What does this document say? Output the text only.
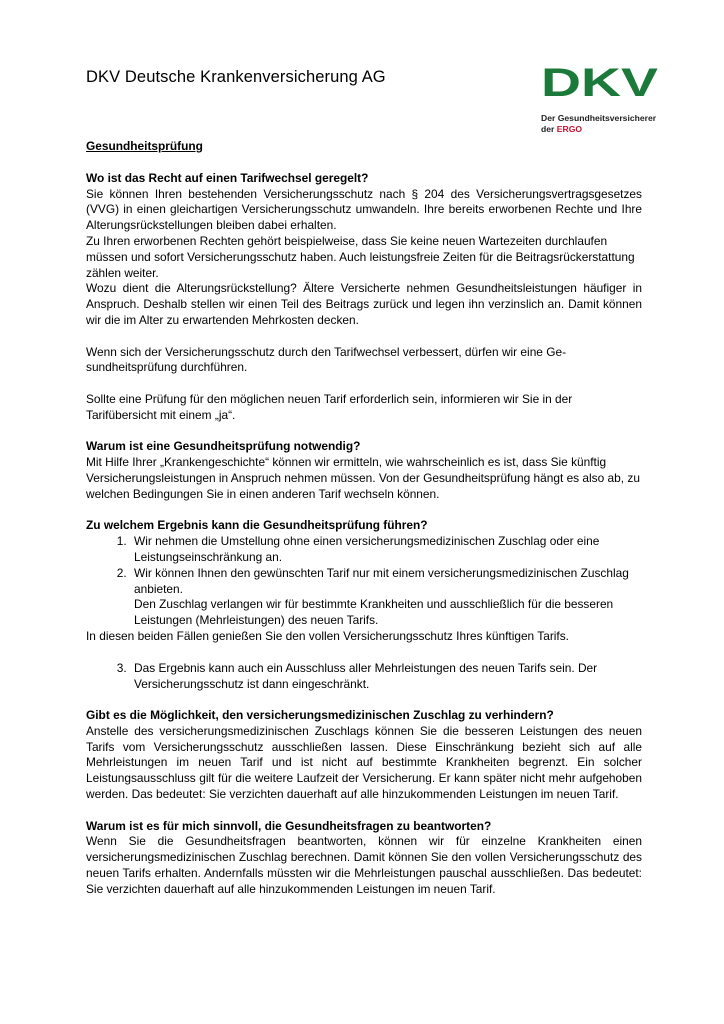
DKV Deutsche Krankenversicherung AG	DKV
Der Gesundheitsversicherer
der ERGO
Gesundheitsprüfung
Wo ist das Recht auf einen Tarifwechsel geregelt?

Sie können Ihren bestehenden Versicherungsschutz nach § 204 des Versicherungsvertragsgesetzes (VVG) in einen gleichartigen Versicherungsschutz umwandeln. Ihre bereits erworbenen Rechte und Ihre Alterungsrückstellungen bleiben dabei erhalten.

Zu Ihren erworbenen Rechten gehört beispielweise, dass Sie keine neuen Wartezeiten durchlaufen müssen und sofort Versicherungsschutz haben. Auch leistungsfreie Zeiten für die Beitragsrückerstattung zählen weiter.

Wozu dient die Alterungsrückstellung? Ältere Versicherte nehmen Gesundheitsleistungen häufiger in Anspruch. Deshalb stellen wir einen Teil des Beitrags zurück und legen ihn verzinslich an. Damit können wir die im Alter zu erwartenden Mehrkosten decken.

Wenn sich der Versicherungsschutz durch den Tarifwechsel verbessert, dürfen wir eine Gesundheitsprüfung durchführen.

Sollte eine Prüfung für den möglichen neuen Tarif erforderlich sein, informieren wir Sie in der Tarifübersicht mit einem „ja“.

Warum ist eine Gesundheitsprüfung notwendig?

Mit Hilfe Ihrer „Krankengeschichte“ können wir ermitteln, wie wahrscheinlich es ist, dass Sie künftig Versicherungsleistungen in Anspruch nehmen müssen. Von der Gesundheitsprüfung hängt es also ab, zu welchen Bedingungen Sie in einen anderen Tarif wechseln können.

Zu welchem Ergebnis kann die Gesundheitsprüfung führen?
1. Wir nehmen die Umstellung ohne einen versicherungsmedizinischen Zuschlag oder eine Leistungseinschränkung an.
2. Wir können Ihnen den gewünschten Tarif nur mit einem versicherungsmedizinischen Zuschlag anbieten.
Den Zuschlag verlangen wir für bestimmte Krankheiten und ausschließlich für die besseren Leistungen (Mehrleistungen) des neuen Tarifs.

In diesen beiden Fällen genießen Sie den vollen Versicherungsschutz Ihres künftigen Tarifs.

3. Das Ergebnis kann auch ein Ausschluss aller Mehrleistungen des neuen Tarifs sein. Der Versicherungsschutz ist dann eingeschränkt.
Gibt es die Möglichkeit, den versicherungsmedizinischen Zuschlag zu verhindern?

Anstelle des versicherungsmedizinischen Zuschlags können Sie die besseren Leistungen des neuen Tarifs vom Versicherungsschutz ausschließen lassen. Diese Einschränkung bezieht sich auf alle Mehrleistungen im neuen Tarif und ist nicht auf bestimmte Krankheiten begrenzt. Ein solcher Leistungsausschluss gilt für die weitere Laufzeit der Versicherung. Er kann später nicht mehr aufgehoben werden. Das bedeutet: Sie verzichten dauerhaft auf alle hinzukommenden Leistungen im neuen Tarif.

Warum ist es für mich sinnvoll, die Gesundheitsfragen zu beantworten?

Wenn Sie die Gesundheitsfragen beantworten, können wir für einzelne Krankheiten einen versicherungsmedizinischen Zuschlag berechnen. Damit können Sie den vollen Versicherungsschutz des neuen Tarifs erhalten. Andernfalls müssten wir die Mehrleistungen pauschal ausschließen. Das bedeutet: Sie verzichten dauerhaft auf alle hinzukommenden Leistungen im neuen Tarif.
